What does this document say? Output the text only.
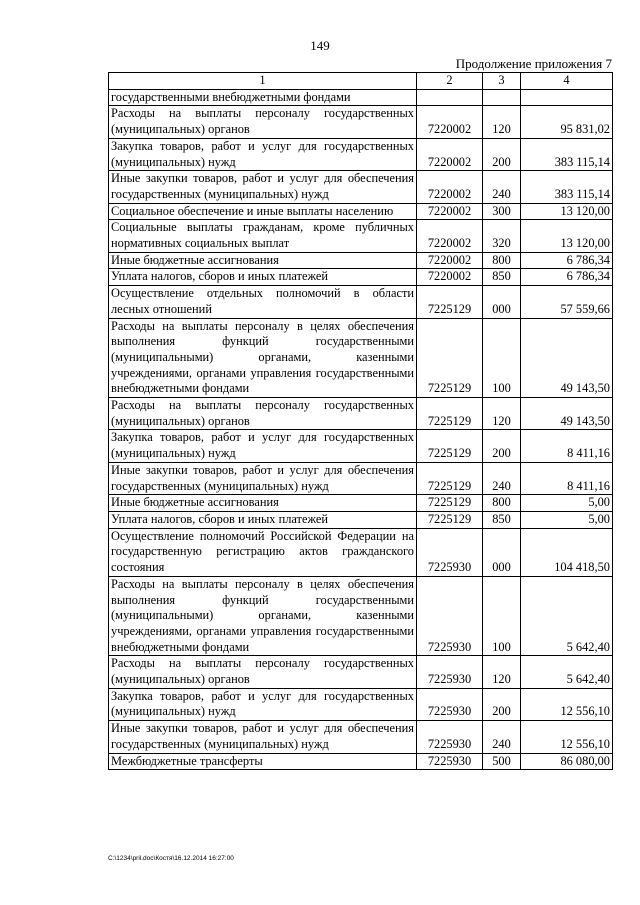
149
Продолжение приложения 7
1	2	3	4
государственными внебюджетными фондами			
Расходы на выплаты персоналу государственных (муниципальных) органов	7220002	120	95 831,02
Закупка товаров, работ и услуг для государственных (муниципальных) нужд	7220002	200	383 115,14
Иные закупки товаров, работ и услуг для обеспечения государственных (муниципальных) нужд	7220002	240	383 115,14
Социальное обеспечение и иные выплаты населению	7220002	300	13 120,00
Социальные выплаты гражданам, кроме публичных нормативных социальных выплат	7220002	320	13 120,00
Иные бюджетные ассигнования	7220002	800	6 786,34
Уплата налогов, сборов и иных платежей	7220002	850	6 786,34
Осуществление отдельных полномочий в области лесных отношений	7225129	000	57 559,66
Расходы на выплаты персоналу в целях обеспечения выполнения функций государственными (муниципальными) органами, казенными учреждениями, органами управления государственными внебюджетными фондами	7225129	100	49 143,50
Расходы на выплаты персоналу государственных (муниципальных) органов	7225129	120	49 143,50
Закупка товаров, работ и услуг для государственных (муниципальных) нужд	7225129	200	8 411,16
Иные закупки товаров, работ и услуг для обеспечения государственных (муниципальных) нужд	7225129	240	8 411,16
Иные бюджетные ассигнования	7225129	800	5,00
Уплата налогов, сборов и иных платежей	7225129	850	5,00
Осуществление полномочий Российской Федерации на государственную регистрацию актов гражданского состояния	7225930	000	104 418,50
Расходы на выплаты персоналу в целях обеспечения выполнения функций государственными (муниципальными) органами, казенными учреждениями, органами управления государственными внебюджетными фондами	7225930	100	5 642,40
Расходы на выплаты персоналу государственных (муниципальных) органов	7225930	120	5 642,40
Закупка товаров, работ и услуг для государственных (муниципальных) нужд	7225930	200	12 556,10
Иные закупки товаров, работ и услуг для обеспечения государственных (муниципальных) нужд	7225930	240	12 556,10
Межбюджетные трансферты	7225930	500	86 080,00
C:\1234\pril.doc\Костя\16.12.2014 16:27:00
